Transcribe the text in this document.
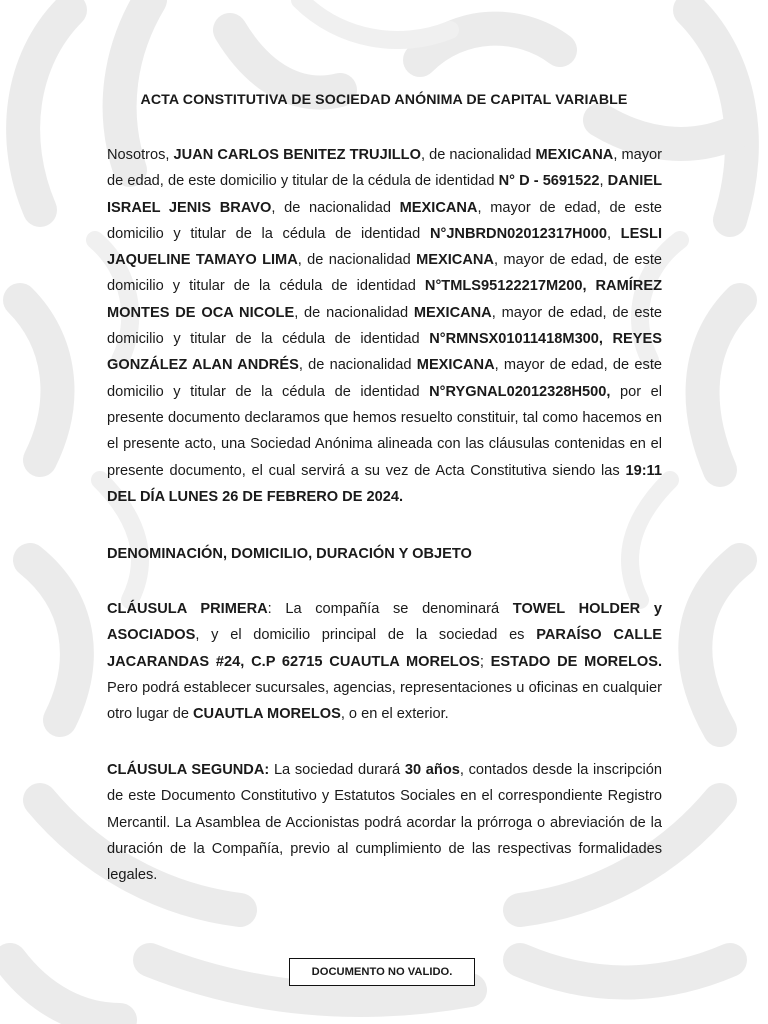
ACTA CONSTITUTIVA DE SOCIEDAD ANÓNIMA DE CAPITAL VARIABLE
Nosotros, JUAN CARLOS BENITEZ TRUJILLO, de nacionalidad MEXICANA, mayor de edad, de este domicilio y titular de la cédula de identidad N° D - 5691522, DANIEL ISRAEL JENIS BRAVO, de nacionalidad MEXICANA, mayor de edad, de este domicilio y titular de la cédula de identidad N°JNBRDN02012317H000, LESLI JAQUELINE TAMAYO LIMA, de nacionalidad MEXICANA, mayor de edad, de este domicilio y titular de la cédula de identidad N°TMLS95122217M200, RAMÍREZ MONTES DE OCA NICOLE, de nacionalidad MEXICANA, mayor de edad, de este domicilio y titular de la cédula de identidad N°RMNSX01011418M300, REYES GONZÁLEZ ALAN ANDRÉS, de nacionalidad MEXICANA, mayor de edad, de este domicilio y titular de la cédula de identidad N°RYGNAL02012328H500, por el presente documento declaramos que hemos resuelto constituir, tal como hacemos en el presente acto, una Sociedad Anónima alineada con las cláusulas contenidas en el presente documento, el cual servirá a su vez de Acta Constitutiva siendo las 19:11 DEL DÍA LUNES 26 DE FEBRERO DE 2024.
DENOMINACIÓN, DOMICILIO, DURACIÓN Y OBJETO
CLÁUSULA PRIMERA: La compañía se denominará TOWEL HOLDER y ASOCIADOS, y el domicilio principal de la sociedad es PARAÍSO CALLE JACARANDAS #24, C.P 62715 CUAUTLA MORELOS; ESTADO DE MORELOS. Pero podrá establecer sucursales, agencias, representaciones u oficinas en cualquier otro lugar de CUAUTLA MORELOS, o en el exterior.
CLÁUSULA SEGUNDA: La sociedad durará 30 años, contados desde la inscripción de este Documento Constitutivo y Estatutos Sociales en el correspondiente Registro Mercantil. La Asamblea de Accionistas podrá acordar la prórroga o abreviación de la duración de la Compañía, previo al cumplimiento de las respectivas formalidades legales.
DOCUMENTO NO VALIDO.
